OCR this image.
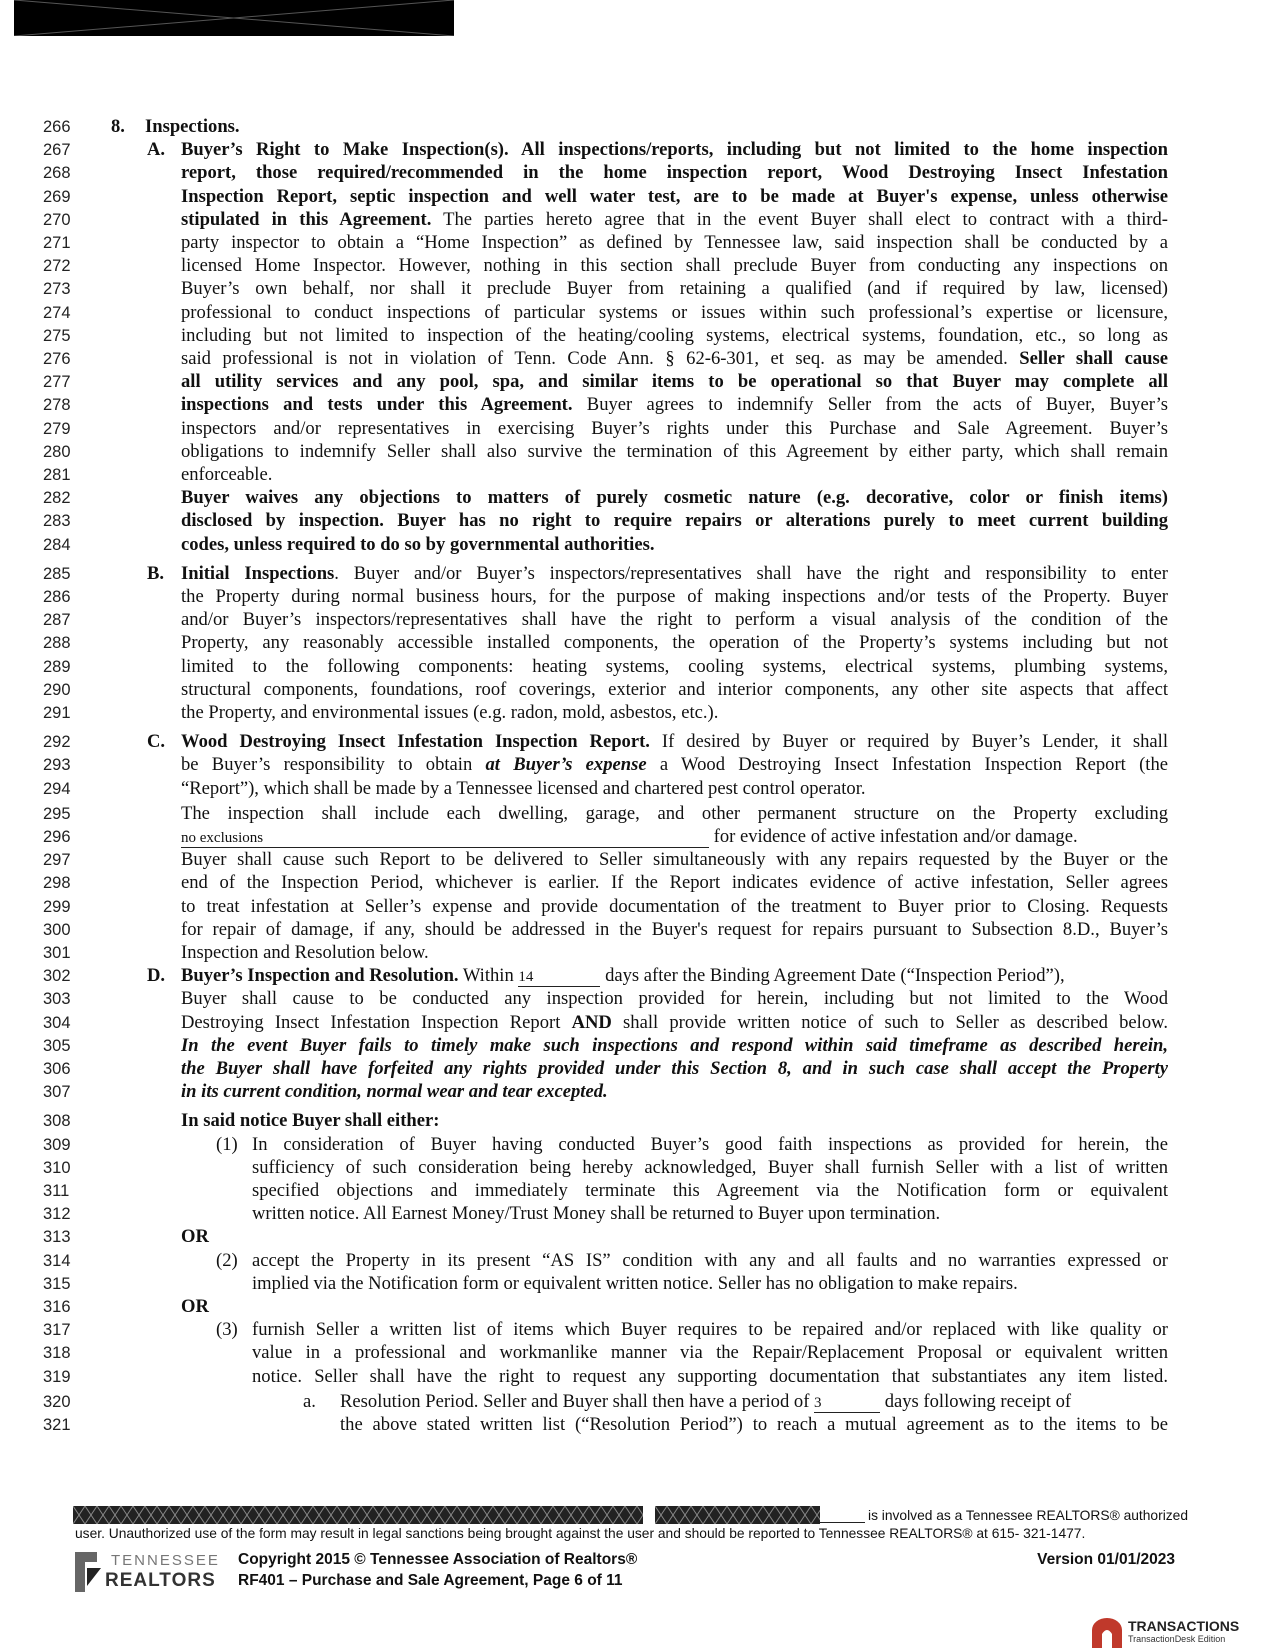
266	8. Inspections.
267	A. Buyer’s Right to Make Inspection(s). All inspections/reports, including but not limited to the home inspection
268	report, those required/recommended in the home inspection report, Wood Destroying Insect Infestation
269	Inspection Report, septic inspection and well water test, are to be made at Buyer's expense, unless otherwise
270	stipulated in this Agreement. The parties hereto agree that in the event Buyer shall elect to contract with a third-
271	party inspector to obtain a “Home Inspection” as defined by Tennessee law, said inspection shall be conducted by a
272	licensed Home Inspector. However, nothing in this section shall preclude Buyer from conducting any inspections on
273	Buyer’s own behalf, nor shall it preclude Buyer from retaining a qualified (and if required by law, licensed)
274	professional to conduct inspections of particular systems or issues within such professional’s expertise or licensure,
275	including but not limited to inspection of the heating/cooling systems, electrical systems, foundation, etc., so long as
276	said professional is not in violation of Tenn. Code Ann. § 62-6-301, et seq. as may be amended. Seller shall cause
277	all utility services and any pool, spa, and similar items to be operational so that Buyer may complete all
278	inspections and tests under this Agreement. Buyer agrees to indemnify Seller from the acts of Buyer, Buyer’s
279	inspectors and/or representatives in exercising Buyer’s rights under this Purchase and Sale Agreement. Buyer’s
280	obligations to indemnify Seller shall also survive the termination of this Agreement by either party, which shall remain
281	enforceable.
282	Buyer waives any objections to matters of purely cosmetic nature (e.g. decorative, color or finish items)
283	disclosed by inspection. Buyer has no right to require repairs or alterations purely to meet current building
284	codes, unless required to do so by governmental authorities.
285	B. Initial Inspections. Buyer and/or Buyer’s inspectors/representatives shall have the right and responsibility to enter
286	the Property during normal business hours, for the purpose of making inspections and/or tests of the Property. Buyer
287	and/or Buyer’s inspectors/representatives shall have the right to perform a visual analysis of the condition of the
288	Property, any reasonably accessible installed components, the operation of the Property’s systems including but not
289	limited to the following components: heating systems, cooling systems, electrical systems, plumbing systems,
290	structural components, foundations, roof coverings, exterior and interior components, any other site aspects that affect
291	the Property, and environmental issues (e.g. radon, mold, asbestos, etc.).
292	C. Wood Destroying Insect Infestation Inspection Report. If desired by Buyer or required by Buyer’s Lender, it shall
293	be Buyer’s responsibility to obtain at Buyer’s expense a Wood Destroying Insect Infestation Inspection Report (the
294	“Report”), which shall be made by a Tennessee licensed and chartered pest control operator.
295	The inspection shall include each dwelling, garage, and other permanent structure on the Property excluding
296	no exclusions	for evidence of active infestation and/or damage.
297	Buyer shall cause such Report to be delivered to Seller simultaneously with any repairs requested by the Buyer or the
298	end of the Inspection Period, whichever is earlier. If the Report indicates evidence of active infestation, Seller agrees
299	to treat infestation at Seller’s expense and provide documentation of the treatment to Buyer prior to Closing. Requests
300	for repair of damage, if any, should be addressed in the Buyer's request for repairs pursuant to Subsection 8.D., Buyer’s
301	Inspection and Resolution below.
302	D. Buyer’s Inspection and Resolution. Within 14	days after the Binding Agreement Date (“Inspection Period”),
303	Buyer shall cause to be conducted any inspection provided for herein, including but not limited to the Wood
304	Destroying Insect Infestation Inspection Report AND shall provide written notice of such to Seller as described below.
305	In the event Buyer fails to timely make such inspections and respond within said timeframe as described herein,
306	the Buyer shall have forfeited any rights provided under this Section 8, and in such case shall accept the Property
307	in its current condition, normal wear and tear excepted.
308	In said notice Buyer shall either:
309	(1) In consideration of Buyer having conducted Buyer’s good faith inspections as provided for herein, the
310	sufficiency of such consideration being hereby acknowledged, Buyer shall furnish Seller with a list of written
311	specified objections and immediately terminate this Agreement via the Notification form or equivalent
312	written notice. All Earnest Money/Trust Money shall be returned to Buyer upon termination.
313	OR
314	(2) accept the Property in its present “AS IS” condition with any and all faults and no warranties expressed or
315	implied via the Notification form or equivalent written notice. Seller has no obligation to make repairs.
316	OR
317	(3) furnish Seller a written list of items which Buyer requires to be repaired and/or replaced with like quality or
318	value in a professional and workmanlike manner via the Repair/Replacement Proposal or equivalent written
319	notice. Seller shall have the right to request any supporting documentation that substantiates any item listed.
320	a. Resolution Period. Seller and Buyer shall then have a period of 3	days following receipt of
321	the above stated written list (“Resolution Period”) to reach a mutual agreement as to the items to be
is involved as a Tennessee REALTORS® authorized
user. Unauthorized use of the form may result in legal sanctions being brought against the user and should be reported to Tennessee REALTORS® at 615- 321-1477.
TENNESSEE
REALTORS
Copyright 2015 © Tennessee Association of Realtors®
RF401 – Purchase and Sale Agreement, Page 6 of 11
Version 01/01/2023
TRANSACTIONS
TransactionDesk Edition
